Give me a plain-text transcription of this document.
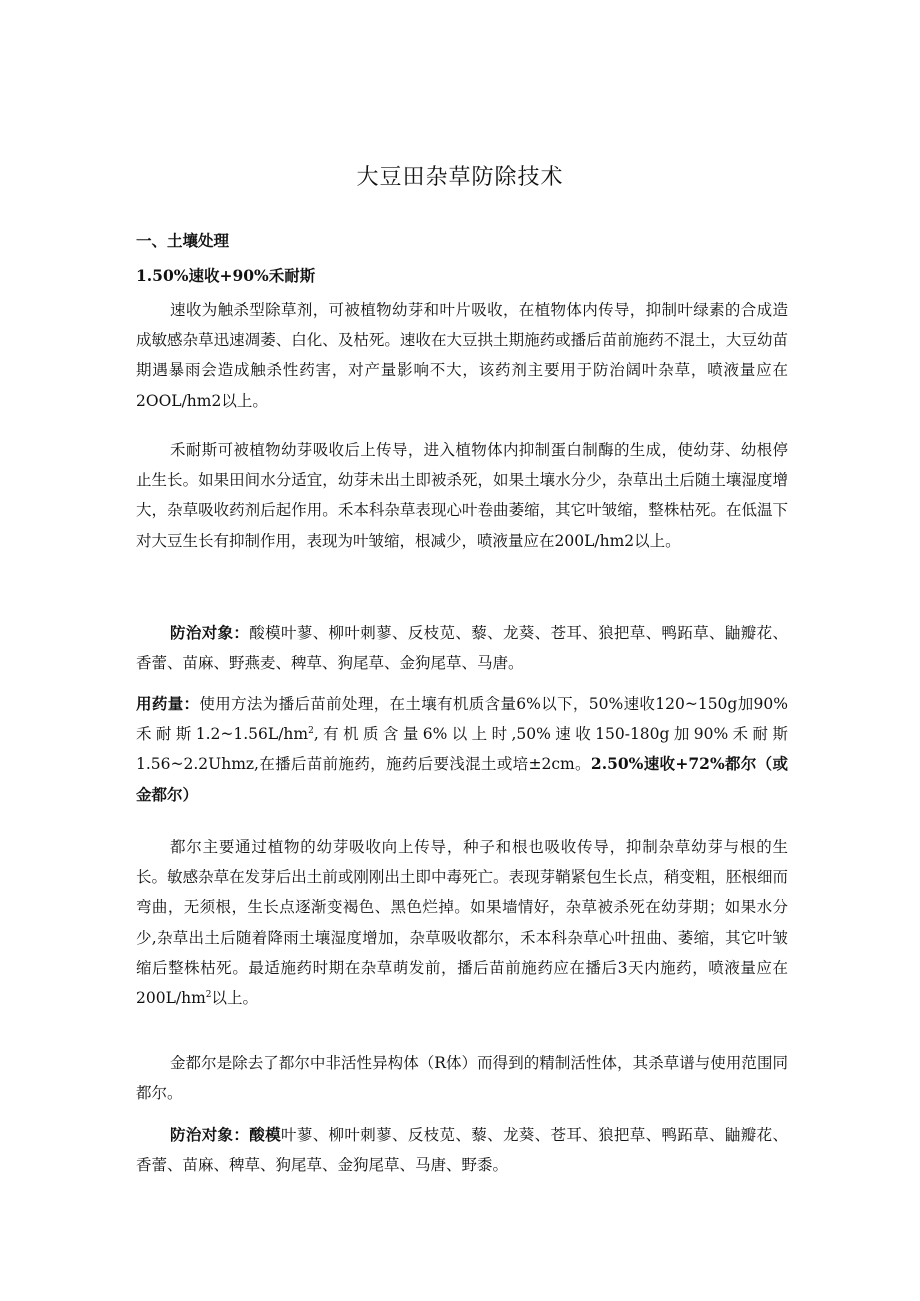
大豆田杂草防除技术
一、土壤处理
1.50%速收+90%禾耐斯
速收为触杀型除草剂，可被植物幼芽和叶片吸收，在植物体内传导，抑制叶绿素的合成造成敏感杂草迅速凋萎、白化、及枯死。速收在大豆拱土期施药或播后苗前施药不混土，大豆幼苗期遇暴雨会造成触杀性药害，对产量影响不大，该药剂主要用于防治阔叶杂草，喷液量应在2OOL∕hm2以上。
禾耐斯可被植物幼芽吸收后上传导，进入植物体内抑制蛋白制酶的生成，使幼芽、幼根停止生长。如果田间水分适宜，幼芽未出土即被杀死，如果土壤水分少，杂草出土后随土壤湿度增大，杂草吸收药剂后起作用。禾本科杂草表现心叶卷曲萎缩，其它叶皱缩，整株枯死。在低温下对大豆生长有抑制作用，表现为叶皱缩，根减少，喷液量应在200L∕hm2以上。
防治对象：酸模叶蓼、柳叶刺蓼、反枝苋、藜、龙葵、苍耳、狼把草、鸭跖草、鼬瓣花、香蕾、苗麻、野燕麦、稗草、狗尾草、金狗尾草、马唐。
用药量：使用方法为播后苗前处理，在土壤有机质含量6%以下，50%速收120~150g加90%禾耐斯$1.2\sim 1.56L∕hm^2$,有机质含量6%以上时,50%速收150-180g加90%禾耐斯1.56~2.2Uhmz,在播后苗前施药，施药后要浅混土或培±2cm。2.50%速收+72%都尔（或金都尔）
都尔主要通过植物的幼芽吸收向上传导，种子和根也吸收传导，抑制杂草幼芽与根的生长。敏感杂草在发芽后出土前或刚刚出土即中毒死亡。表现芽鞘紧包生长点，稍变粗，胚根细而弯曲，无须根，生长点逐渐变褐色、黑色烂掉。如果墙情好，杂草被杀死在幼芽期；如果水分少,杂草出土后随着降雨土壤湿度增加，杂草吸收都尔，禾本科杂草心叶扭曲、萎缩，其它叶皱缩后整株枯死。最适施药时期在杂草萌发前，播后苗前施药应在播后3天内施药，喷液量应在$200L∕hm^2$以上。
金都尔是除去了都尔中非活性异构体（R体）而得到的精制活性体，其杀草谱与使用范围同都尔。
防治对象：酸模叶蓼、柳叶刺蓼、反枝苋、藜、龙葵、苍耳、狼把草、鸭跖草、鼬瓣花、香蕾、苗麻、稗草、狗尾草、金狗尾草、马唐、野黍。
